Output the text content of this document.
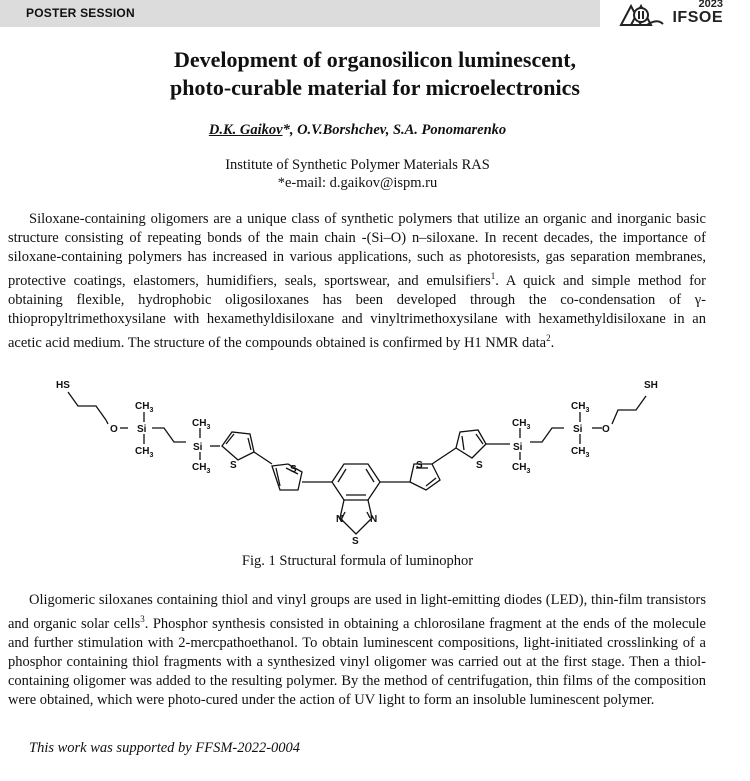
POSTER SESSION
2023
IFSOE
Development of organosilicon luminescent,
photo-curable material for microelectronics
D.K. Gaikov*, O.V.Borshchev, S.A. Ponomarenko
Institute of Synthetic Polymer Materials RAS
*e-mail: d.gaikov@ispm.ru

Siloxane-containing oligomers are a unique class of synthetic polymers that utilize an organic and inorganic basic structure consisting of repeating bonds of the main chain -(Si–O) n–siloxane. In recent decades, the importance of siloxane-containing polymers has increased in various applications, such as photoresists, gas separation membranes, protective coatings, elastomers, humidifiers, seals, sportswear, and emulsifiers$^1$. A quick and simple method for obtaining flexible, hydrophobic oligosiloxanes has been developed through the co-condensation of γ-thiopropyltrimethoxysilane with hexamethyldisiloxane and vinyltrimethoxysilane with hexamethyldisiloxane in an acetic acid medium. The structure of the compounds obtained is confirmed by H1 NMR data$^2$.

HS	SH
O Si
$CH_3$
$CH_3$
$CH_3$
Si
$CH_3$
S	S
N	N
S
S	S
$CH_3$
Si
$CH_3$
$CH_3$
Si
$CH_3$
O
Fig. 1 Structural formula of luminophor

Oligomeric siloxanes containing thiol and vinyl groups are used in light-emitting diodes (LED), thin-film transistors and organic solar cells$^3$. Phosphor synthesis consisted in obtaining a chlorosilane fragment at the ends of the molecule and further stimulation with 2-mercpathoethanol. To obtain luminescent compositions, light-initiated crosslinking of a phosphor containing thiol fragments with a synthesized vinyl oligomer was carried out at the first stage. Then a thiol-containing oligomer was added to the resulting polymer. By the method of centrifugation, thin films of the composition were obtained, which were photo-cured under the action of UV light to form an insoluble luminescent polymer.

This work was supported by FFSM-2022-0004
